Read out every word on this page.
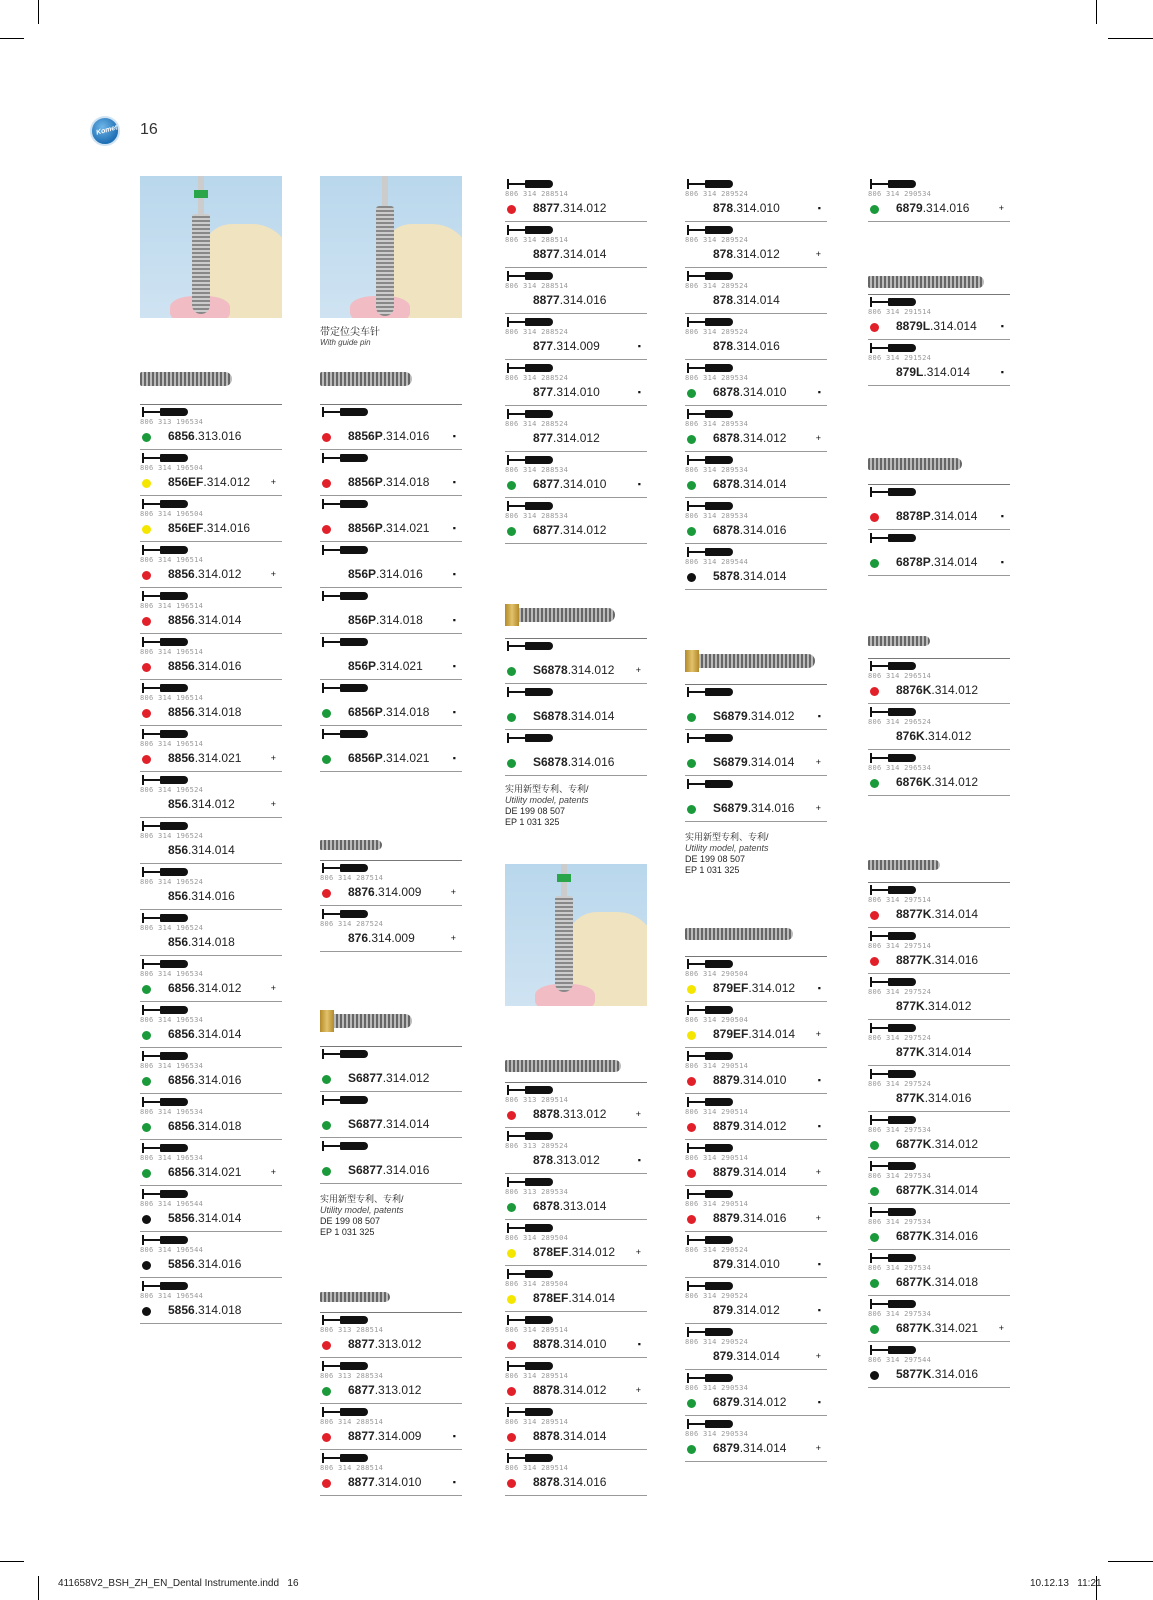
Komet 16
806 313 196534
6856.313.016
806 314 196504
856EF.314.012 +
806 314 196504
856EF.314.016
806 314 196514
8856.314.012	+
806 314 196514
8856.314.014
806 314 196514
8856.314.016
806 314 196514
8856.314.018
806 314 196514
8856.314.021	+
806 314 196524
856.314.012	+
806 314 196524
856.314.014
806 314 196524
856.314.016
806 314 196524
856.314.018
806 314 196534
6856.314.012	+
806 314 196534
6856.314.014
806 314 196534
6856.314.016
806 314 196534
6856.314.018
806 314 196534
6856.314.021	+
806 314 196544
5856.314.014
806 314 196544
5856.314.016
806 314 196544
5856.314.018
带定位尖车针
With guide pin
8856P.314.016	▪
8856P.314.018	▪
8856P.314.021	▪
856P.314.016	▪
856P.314.018	▪
856P.314.021	▪
6856P.314.018	▪
6856P.314.021	▪
806 314 287514
8876.314.009	+
806 314 287524
876.314.009	+
S6877.314.012
S6877.314.014
S6877.314.016
实用新型专利、专利/
Utility model, patents
DE 199 08 507
EP 1 031 325
806 313 288514
8877.313.012
806 313 288534
6877.313.012
806 314 288514
8877.314.009	▪
806 314 288514
8877.314.010	▪
806 314 288514
8877.314.012
806 314 288514
8877.314.014
806 314 288514
8877.314.016
806 314 288524
877.314.009	▪
806 314 288524
877.314.010	▪
806 314 288524
877.314.012
806 314 288534
6877.314.010	▪
806 314 288534
6877.314.012
S6878.314.012 +
S6878.314.014
S6878.314.016
实用新型专利、专利/
Utility model, patents
DE 199 08 507
EP 1 031 325
806 313 289514
8878.313.012	+
806 313 289524
878.313.012	▪
806 313 289534
6878.313.014
806 314 289504
878EF.314.012 +
806 314 289504
878EF.314.014
806 314 289514
8878.314.010	▪
806 314 289514
8878.314.012	+
806 314 289514
8878.314.014
806 314 289514
8878.314.016
806 314 289524
878.314.010	▪
806 314 289524
878.314.012	+
806 314 289524
878.314.014
806 314 289524
878.314.016
806 314 289534
6878.314.010	▪
806 314 289534
6878.314.012	+
806 314 289534
6878.314.014
806 314 289534
6878.314.016
806 314 289544
5878.314.014
S6879.314.012	▪
S6879.314.014 +
S6879.314.016 +
实用新型专利、专利/
Utility model, patents
DE 199 08 507
EP 1 031 325
806 314 290504
879EF.314.012	▪
806 314 290504
879EF.314.014 +
806 314 290514
8879.314.010	▪
806 314 290514
8879.314.012	▪
806 314 290514
8879.314.014	+
806 314 290514
8879.314.016	+
806 314 290524
879.314.010	▪
806 314 290524
879.314.012	▪
806 314 290524
879.314.014	+
806 314 290534
6879.314.012	▪
806 314 290534
6879.314.014	+
806 314 290534
6879.314.016	+
806 314 291514
8879L.314.014	▪
806 314 291524
879L.314.014	▪
8878P.314.014	▪
6878P.314.014	▪
806 314 296514
8876K.314.012
806 314 296524
876K.314.012
806 314 296534
6876K.314.012
806 314 297514
8877K.314.014
806 314 297514
8877K.314.016
806 314 297524
877K.314.012
806 314 297524
877K.314.014
806 314 297524
877K.314.016
806 314 297534
6877K.314.012
806 314 297534
6877K.314.014
806 314 297534
6877K.314.016
806 314 297534
6877K.314.018
806 314 297534
6877K.314.021 +
806 314 297544
5877K.314.016
411658V2_BSH_ZH_EN_Dental Instrumente.indd 16	10.12.13 11:21
